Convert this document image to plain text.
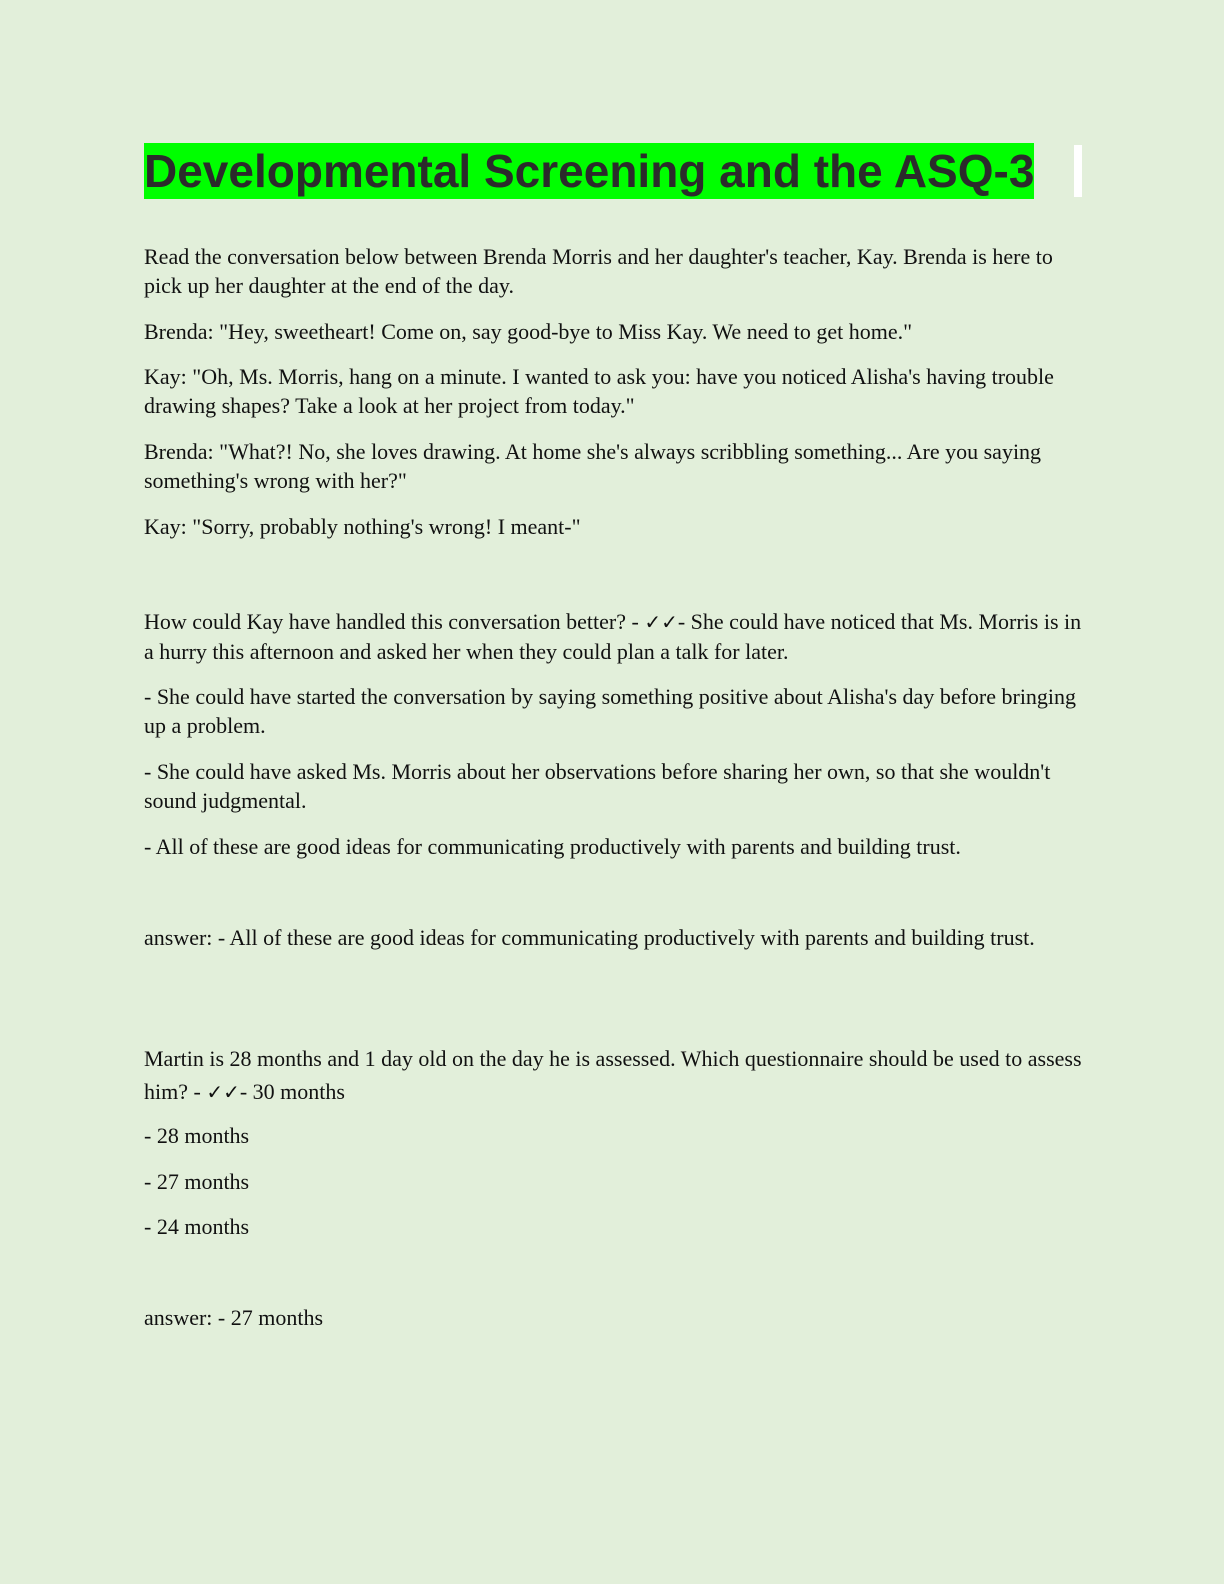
Developmental Screening and the ASQ-3

Read the conversation below between Brenda Morris and her daughter's teacher, Kay. Brenda is here to pick up her daughter at the end of the day.

Brenda: "Hey, sweetheart! Come on, say good-bye to Miss Kay. We need to get home."

Kay: "Oh, Ms. Morris, hang on a minute. I wanted to ask you: have you noticed Alisha's having trouble drawing shapes? Take a look at her project from today."

Brenda: "What?! No, she loves drawing. At home she's always scribbling something... Are you saying something's wrong with her?"

Kay: "Sorry, probably nothing's wrong! I meant-"

How could Kay have handled this conversation better? - ✓✓- She could have noticed that Ms. Morris is in a hurry this afternoon and asked her when they could plan a talk for later.

- She could have started the conversation by saying something positive about Alisha's day before bringing up a problem.

- She could have asked Ms. Morris about her observations before sharing her own, so that she wouldn't sound judgmental.

- All of these are good ideas for communicating productively with parents and building trust.

answer: - All of these are good ideas for communicating productively with parents and building trust.

Martin is 28 months and 1 day old on the day he is assessed. Which questionnaire should be used to assess him? - ✓✓- 30 months

- 28 months

- 27 months

- 24 months

answer: - 27 months
